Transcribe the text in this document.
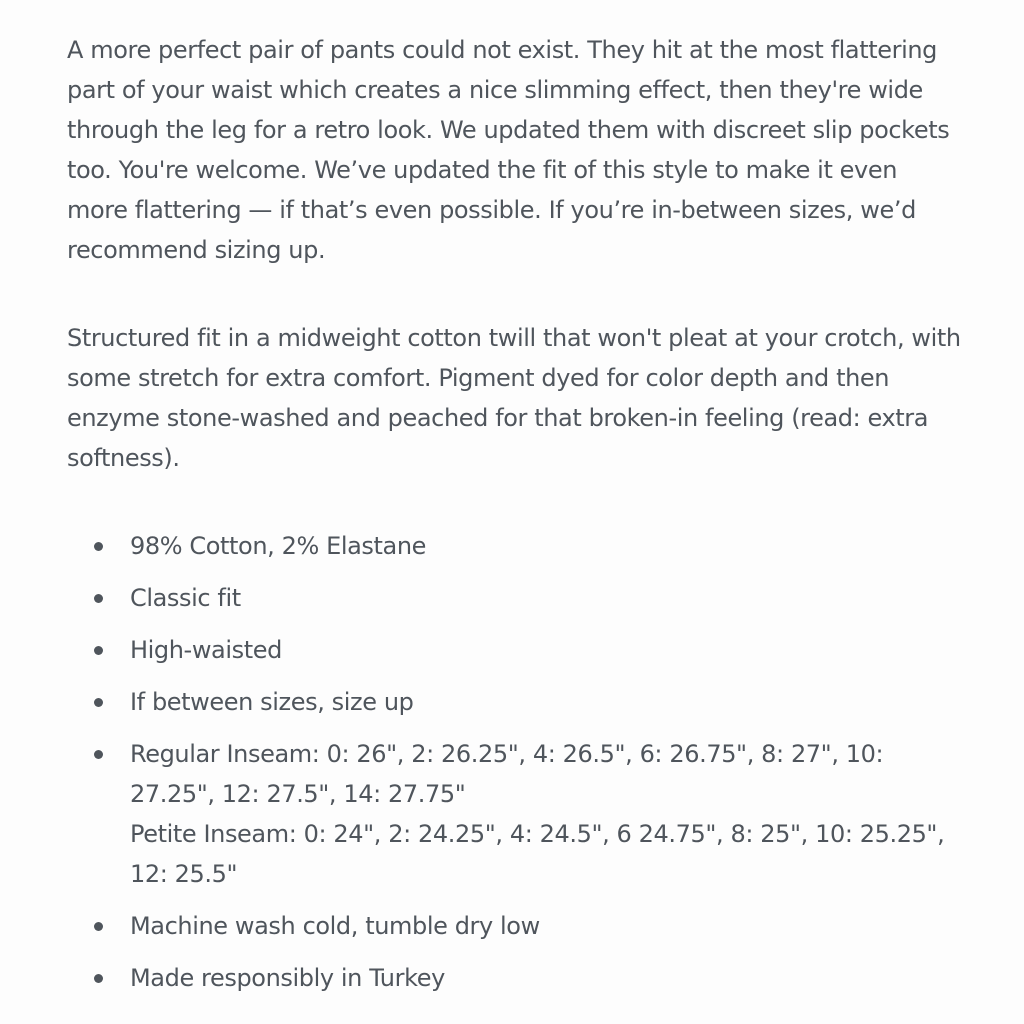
A more perfect pair of pants could not exist. They hit at the most flattering part of your waist which creates a nice slimming effect, then they're wide through the leg for a retro look. We updated them with discreet slip pockets too. You're welcome. We’ve updated the fit of this style to make it even more flattering — if that’s even possible. If you’re in-between sizes, we’d recommend sizing up.

Structured fit in a midweight cotton twill that won't pleat at your crotch, with some stretch for extra comfort. Pigment dyed for color depth and then enzyme stone-washed and peached for that broken-in feeling (read: extra softness).

98% Cotton, 2% Elastane
Classic fit
High-waisted
If between sizes, size up
Regular Inseam: 0: 26", 2: 26.25", 4: 26.5", 6: 26.75", 8: 27", 10: 27.25", 12: 27.5", 14: 27.75"
Petite Inseam: 0: 24", 2: 24.25", 4: 24.5", 6 24.75", 8: 25", 10: 25.25", 12: 25.5"
Machine wash cold, tumble dry low
Made responsibly in Turkey
